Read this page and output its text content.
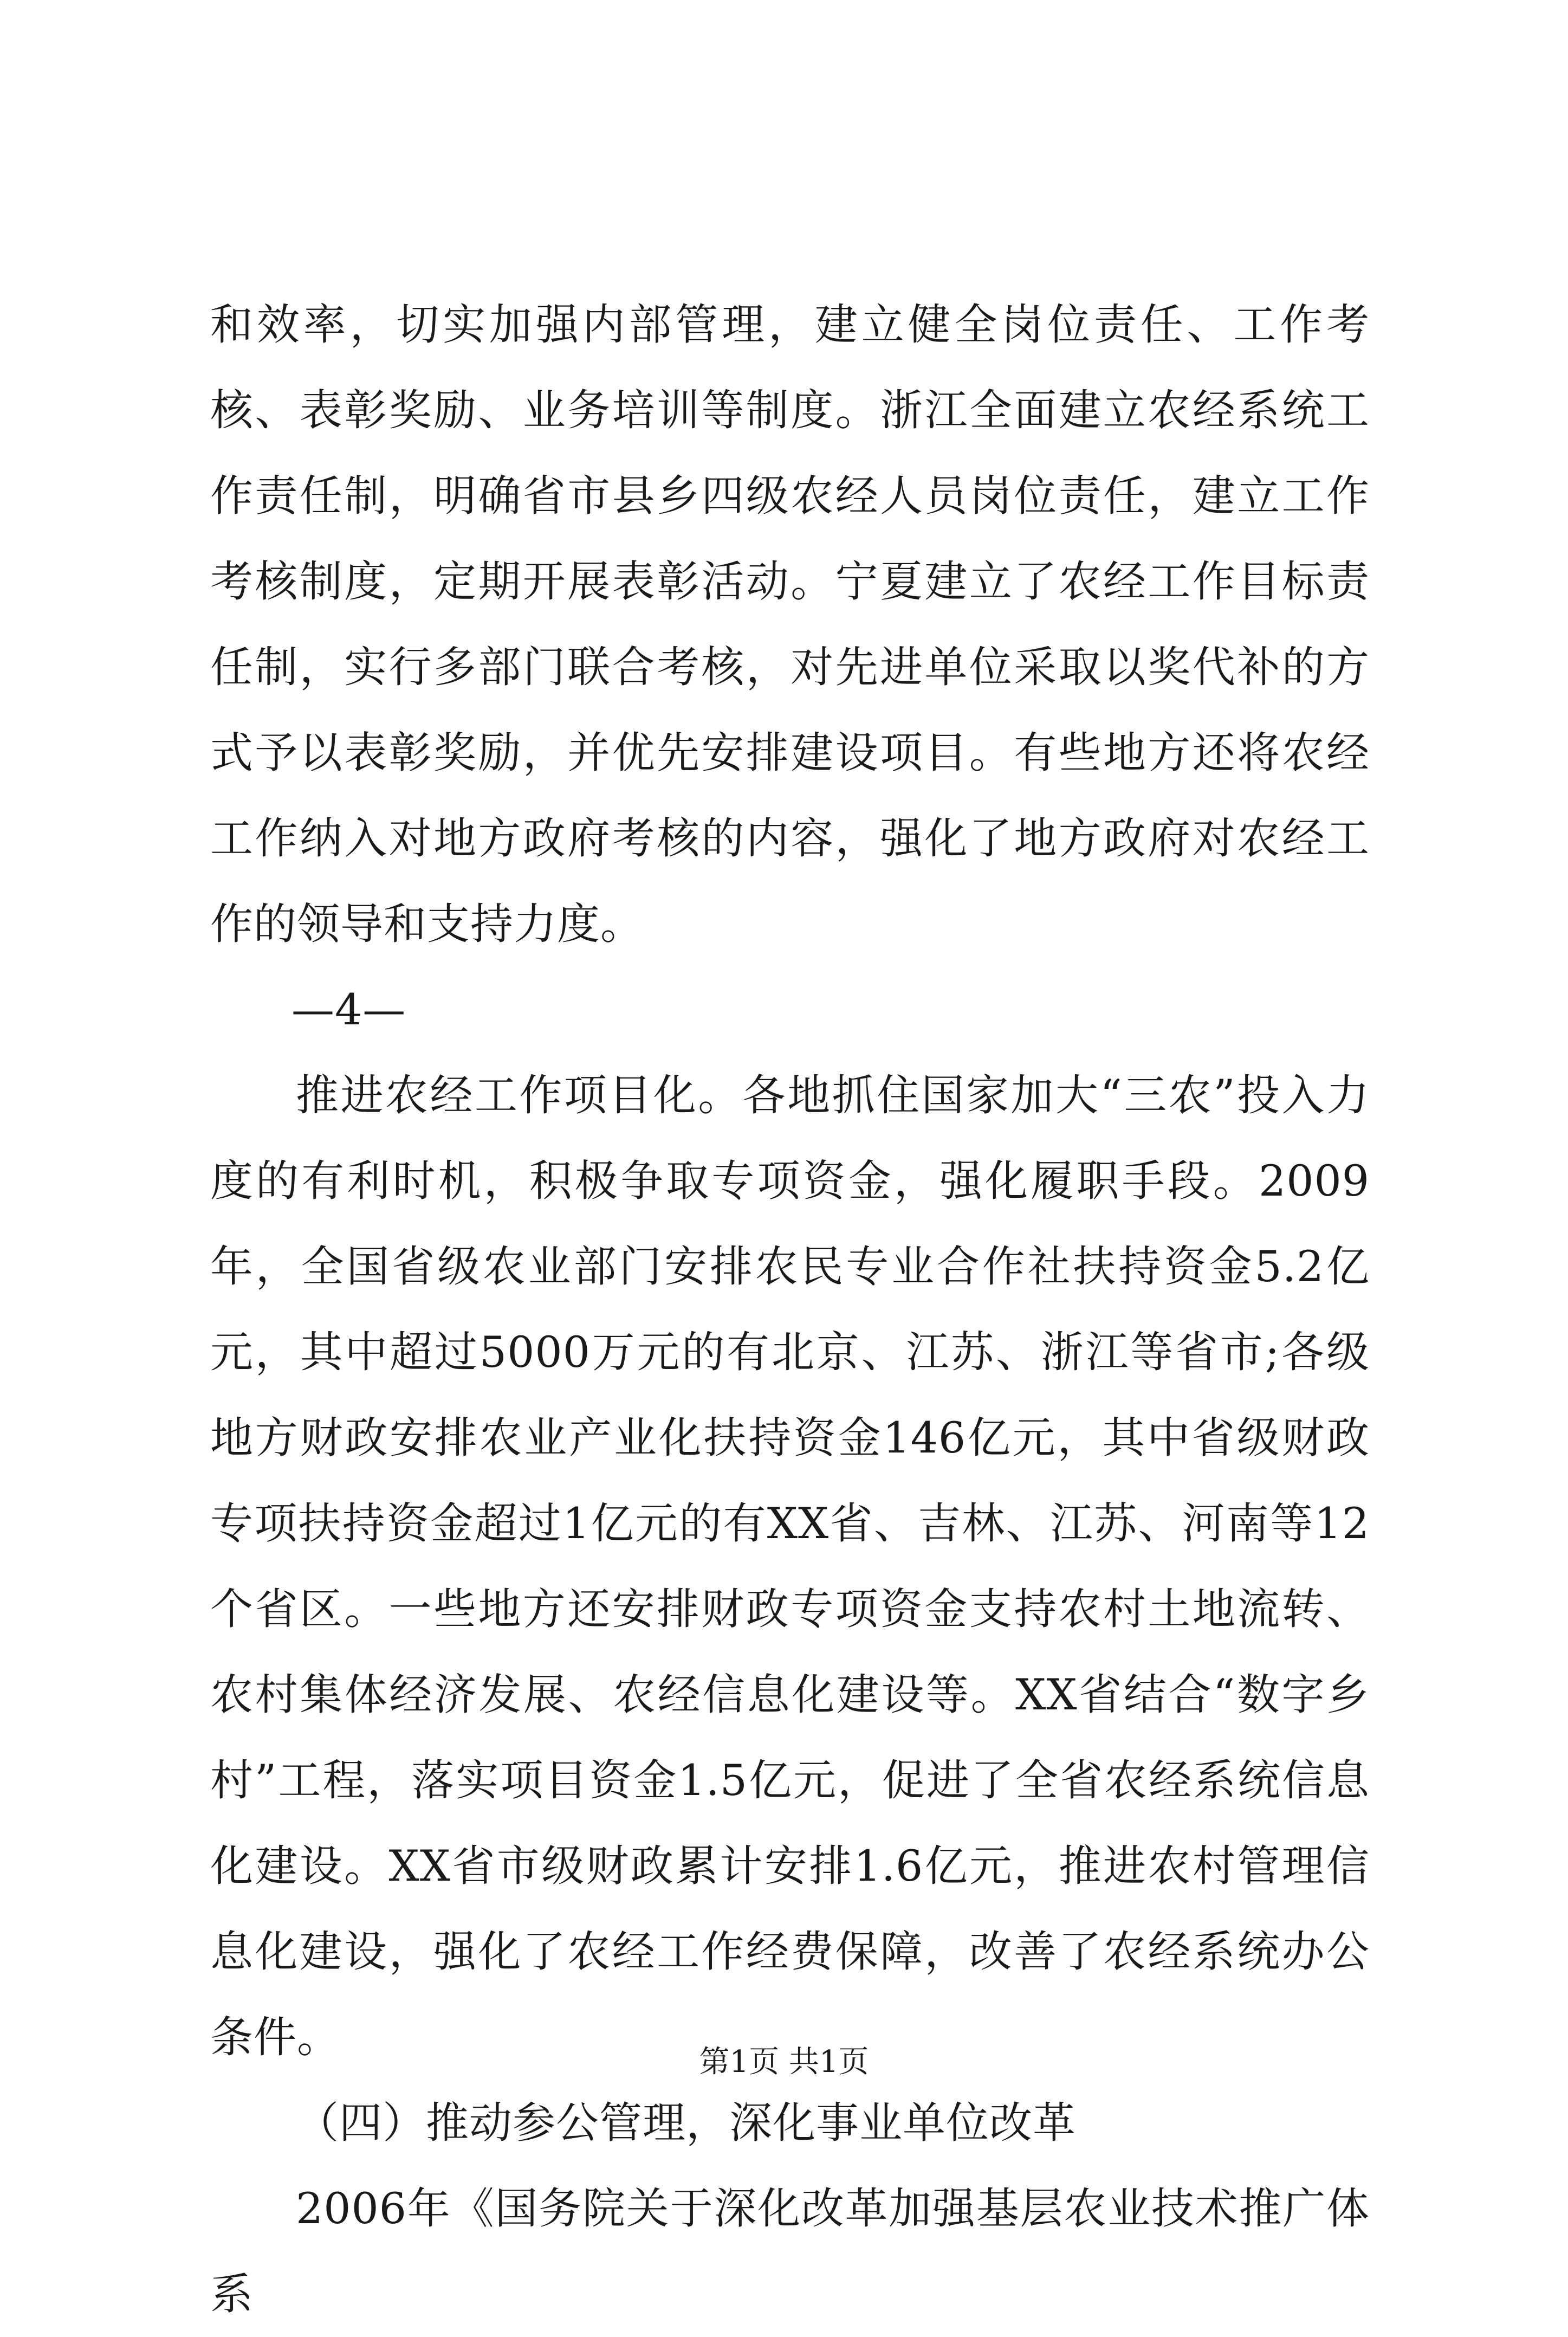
和效率，切实加强内部管理，建立健全岗位责任、工作考核、表彰奖励、业务培训等制度。浙江全面建立农经系统工作责任制，明确省市县乡四级农经人员岗位责任，建立工作考核制度，定期开展表彰活动。宁夏建立了农经工作目标责任制，实行多部门联合考核，对先进单位采取以奖代补的方式予以表彰奖励，并优先安排建设项目。有些地方还将农经工作纳入对地方政府考核的内容，强化了地方政府对农经工作的领导和支持力度。

—4—

推进农经工作项目化。各地抓住国家加大“三农”投入力度的有利时机，积极争取专项资金，强化履职手段。2009年，全国省级农业部门安排农民专业合作社扶持资金5.2亿元，其中超过5000万元的有北京、江苏、浙江等省市;各级地方财政安排农业产业化扶持资金146亿元，其中省级财政专项扶持资金超过1亿元的有XX省、吉林、江苏、河南等12个省区。一些地方还安排财政专项资金支持农村土地流转、农村集体经济发展、农经信息化建设等。XX省结合“数字乡村”工程，落实项目资金1.5亿元，促进了全省农经系统信息化建设。XX省市级财政累计安排1.6亿元，推进农村管理信息化建设，强化了农经工作经费保障，改善了农经系统办公条件。

（四）推动参公管理，深化事业单位改革

2006年《国务院关于深化改革加强基层农业技术推广体系

第1页 共1页
